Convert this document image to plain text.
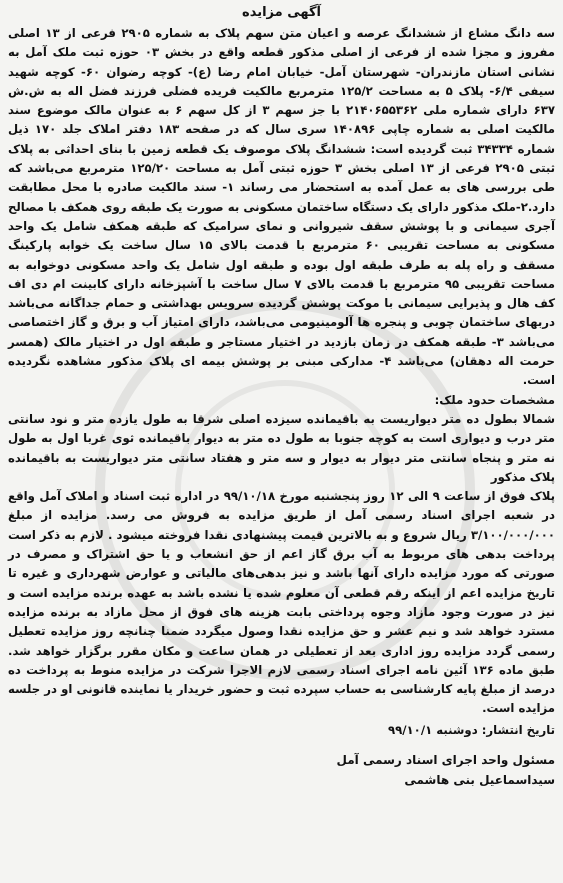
آگهی مزایده

سه دانگ مشاع از ششدانگ عرصه و اعیان متن سهم پلاک به شماره ۲۹۰۵ فرعی از ۱۳ اصلی مفروز و مجزا شده از فرعی از اصلی مذکور قطعه واقع در بخش ۰۳ حوزه ثبت ملک آمل به نشانی استان مازندران- شهرستان آمل- خیابان امام رضا (ع)- کوچه رضوان ۶۰- کوچه شهید سیفی ۶/۴- پلاک ۵ به مساحت ۱۲۵/۲ مترمربع مالکیت فریده فضلی فرزند فضل اله به ش.ش ۶۳۷ دارای شماره ملی ۲۱۴۰۶۵۵۳۶۲ با جز سهم ۳ از کل سهم ۶ به عنوان مالک موضوع سند مالکیت اصلی به شماره چاپی ۱۴۰۸۹۶ سری سال که در صفحه ۱۸۳ دفتر املاک جلد ۱۷۰ ذیل شماره ۳۴۳۳۴ ثبت گردیده است: ششدانگ پلاک موصوف یک قطعه زمین با بنای احداثی به پلاک ثبتی ۲۹۰۵ فرعی از ۱۳ اصلی بخش ۳ حوزه ثبتی آمل به مساحت ۱۲۵/۲۰ مترمربع می‌باشد که طی بررسی های به عمل آمده به استحضار می رساند ۱- سند مالکیت صادره با محل مطابقت دارد.۲-ملک مذکور دارای یک دستگاه ساختمان مسکونی به صورت یک طبقه روی همکف با مصالح آجری سیمانی و با پوشش سقف شیروانی و نمای سرامیک که طبقه همکف شامل یک واحد مسکونی به مساحت تقریبی ۶۰ مترمربع با قدمت بالای ۱۵ سال ساخت یک خوابه پارکینگ مسقف و راه پله به طرف طبقه اول بوده و طبقه اول شامل یک واحد مسکونی دوخوابه به مساحت تقریبی ۹۵ مترمربع با قدمت بالای ۷ سال ساخت با آشپزخانه دارای کابینت ام دی اف کف هال و پذیرایی سیمانی با موکت پوشش گردیده سرویس بهداشتی و حمام جداگانه می‌باشد دربهای ساختمان چوبی و پنجره ها آلومینیومی می‌باشد، دارای امتیاز آب و برق و گاز اختصاصی می‌باشد ۳- طبقه همکف در زمان بازدید در اختیار مستاجر و طبقه اول در اختیار مالک (همسر حرمت اله دهقان) می‌باشد ۴- مدارکی مبنی بر پوشش بیمه ای پلاک مذکور مشاهده نگردیده است.

مشخصات حدود ملک:

شمالا بطول ده متر دیواریست به باقیمانده سیزده اصلی شرقا به طول یازده متر و نود سانتی متر درب و دیواری است به کوچه جنوبا به طول ده متر به دیوار باقیمانده ثوی غربا اول به طول نه متر و پنجاه سانتی متر دیوار به دیوار و سه متر و هفتاد سانتی متر دیواریست به باقیمانده پلاک مذکور

پلاک فوق از ساعت ۹ الی ۱۲ روز پنجشنبه مورخ ۹۹/۱۰/۱۸ در اداره ثبت اسناد و املاک آمل واقع در شعبه اجرای اسناد رسمی آمل از طریق مزایده به فروش می رسد. مزایده از مبلغ ۳/۱۰۰/۰۰۰/۰۰۰ ریال شروع و به بالاترین قیمت پیشنهادی نقدا فروخته میشود . لازم به ذکر است پرداخت بدهی های مربوط به آب برق گاز اعم از حق انشعاب و یا حق اشتراک و مصرف در صورتی که مورد مزایده دارای آنها باشد و نیز بدهی‌های مالیاتی و عوارض شهرداری و غیره تا تاریخ مزایده اعم از اینکه رقم قطعی آن معلوم شده یا نشده باشد به عهده برنده مزایده است و نیز در صورت وجود مازاد وجوه پرداختی بابت هزینه های فوق از محل مازاد به برنده مزایده مسترد خواهد شد و نیم عشر و حق مزایده نقدا وصول میگردد ضمنا چنانچه روز مزایده تعطیل رسمی گردد مزایده روز اداری بعد از تعطیلی در همان ساعت و مکان مقرر برگزار خواهد شد. طبق ماده ۱۳۶ آئین نامه اجرای اسناد رسمی لازم الاجرا شرکت در مزایده منوط به پرداخت ده درصد از مبلغ پایه کارشناسی به حساب سپرده ثبت و حضور خریدار یا نماینده قانونی او در جلسه مزایده است.

تاریخ انتشار: دوشنبه ۹۹/۱۰/۱

مسئول واحد اجرای اسناد رسمی آمل

سیداسماعیل بنی هاشمی
